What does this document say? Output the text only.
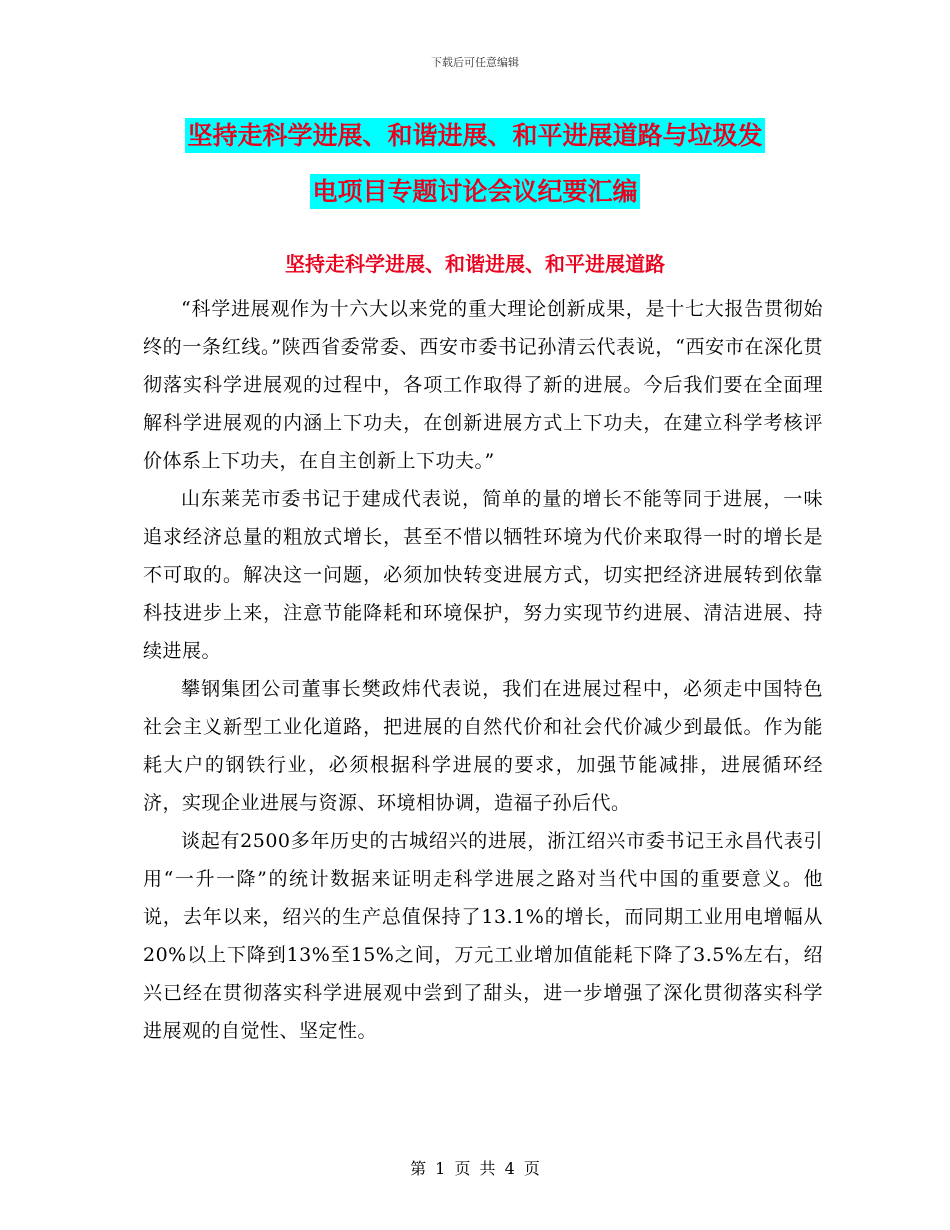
下载后可任意编辑
坚持走科学进展、和谐进展、和平进展道路与垃圾发
电项目专题讨论会议纪要汇编
坚持走科学进展、和谐进展、和平进展道路

“科学进展观作为十六大以来党的重大理论创新成果，是十七大报告贯彻始终的一条红线。”陕西省委常委、西安市委书记孙清云代表说，“西安市在深化贯彻落实科学进展观的过程中，各项工作取得了新的进展。今后我们要在全面理解科学进展观的内涵上下功夫，在创新进展方式上下功夫，在建立科学考核评价体系上下功夫，在自主创新上下功夫。”

山东莱芜市委书记于建成代表说，简单的量的增长不能等同于进展，一味追求经济总量的粗放式增长，甚至不惜以牺牲环境为代价来取得一时的增长是不可取的。解决这一问题，必须加快转变进展方式，切实把经济进展转到依靠科技进步上来，注意节能降耗和环境保护，努力实现节约进展、清洁进展、持续进展。

攀钢集团公司董事长樊政炜代表说，我们在进展过程中，必须走中国特色社会主义新型工业化道路，把进展的自然代价和社会代价减少到最低。作为能耗大户的钢铁行业，必须根据科学进展的要求，加强节能减排，进展循环经济，实现企业进展与资源、环境相协调，造福子孙后代。

谈起有2500多年历史的古城绍兴的进展，浙江绍兴市委书记王永昌代表引用“一升一降”的统计数据来证明走科学进展之路对当代中国的重要意义。他说，去年以来，绍兴的生产总值保持了13.1%的增长，而同期工业用电增幅从20%以上下降到13%至15%之间，万元工业增加值能耗下降了3.5%左右，绍兴已经在贯彻落实科学进展观中尝到了甜头，进一步增强了深化贯彻落实科学进展观的自觉性、坚定性。

第 1 页 共 4 页
